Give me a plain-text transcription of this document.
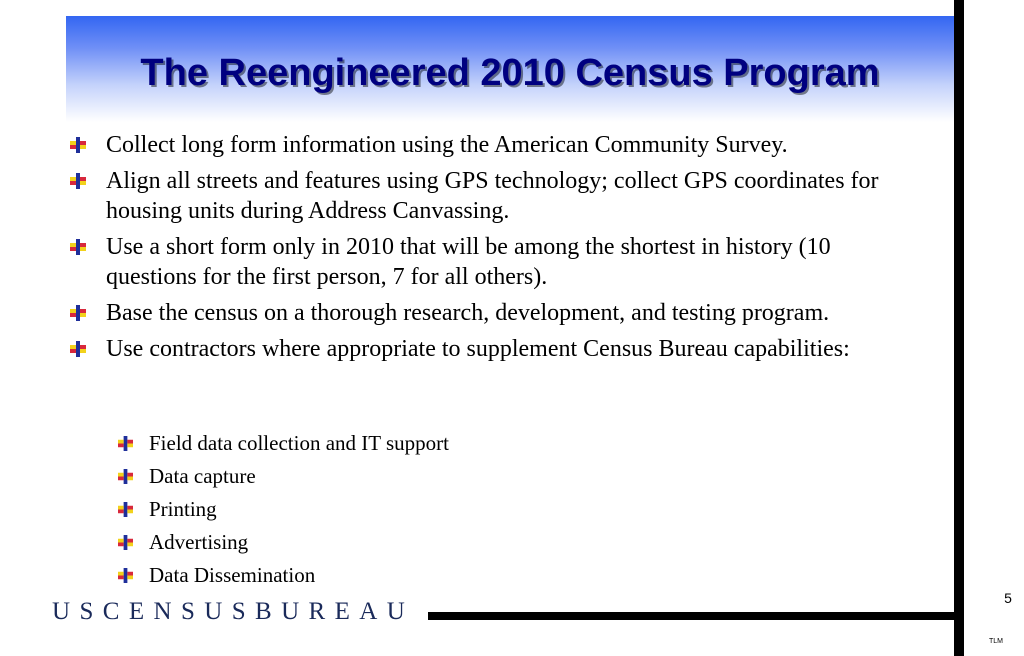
The Reengineered 2010 Census Program
Collect long form information using the American Community Survey.
Align all streets and features using GPS technology; collect GPS coordinates for housing units during Address Canvassing.
Use a short form only in 2010 that will be among the shortest in history (10 questions for the first person, 7 for all others).
Base the census on a thorough research, development, and testing program.
Use contractors where appropriate to supplement Census Bureau capabilities:
Field data collection and IT support
Data capture
Printing
Advertising
Data Dissemination
USCENSUSBUREAU	5
TLM
